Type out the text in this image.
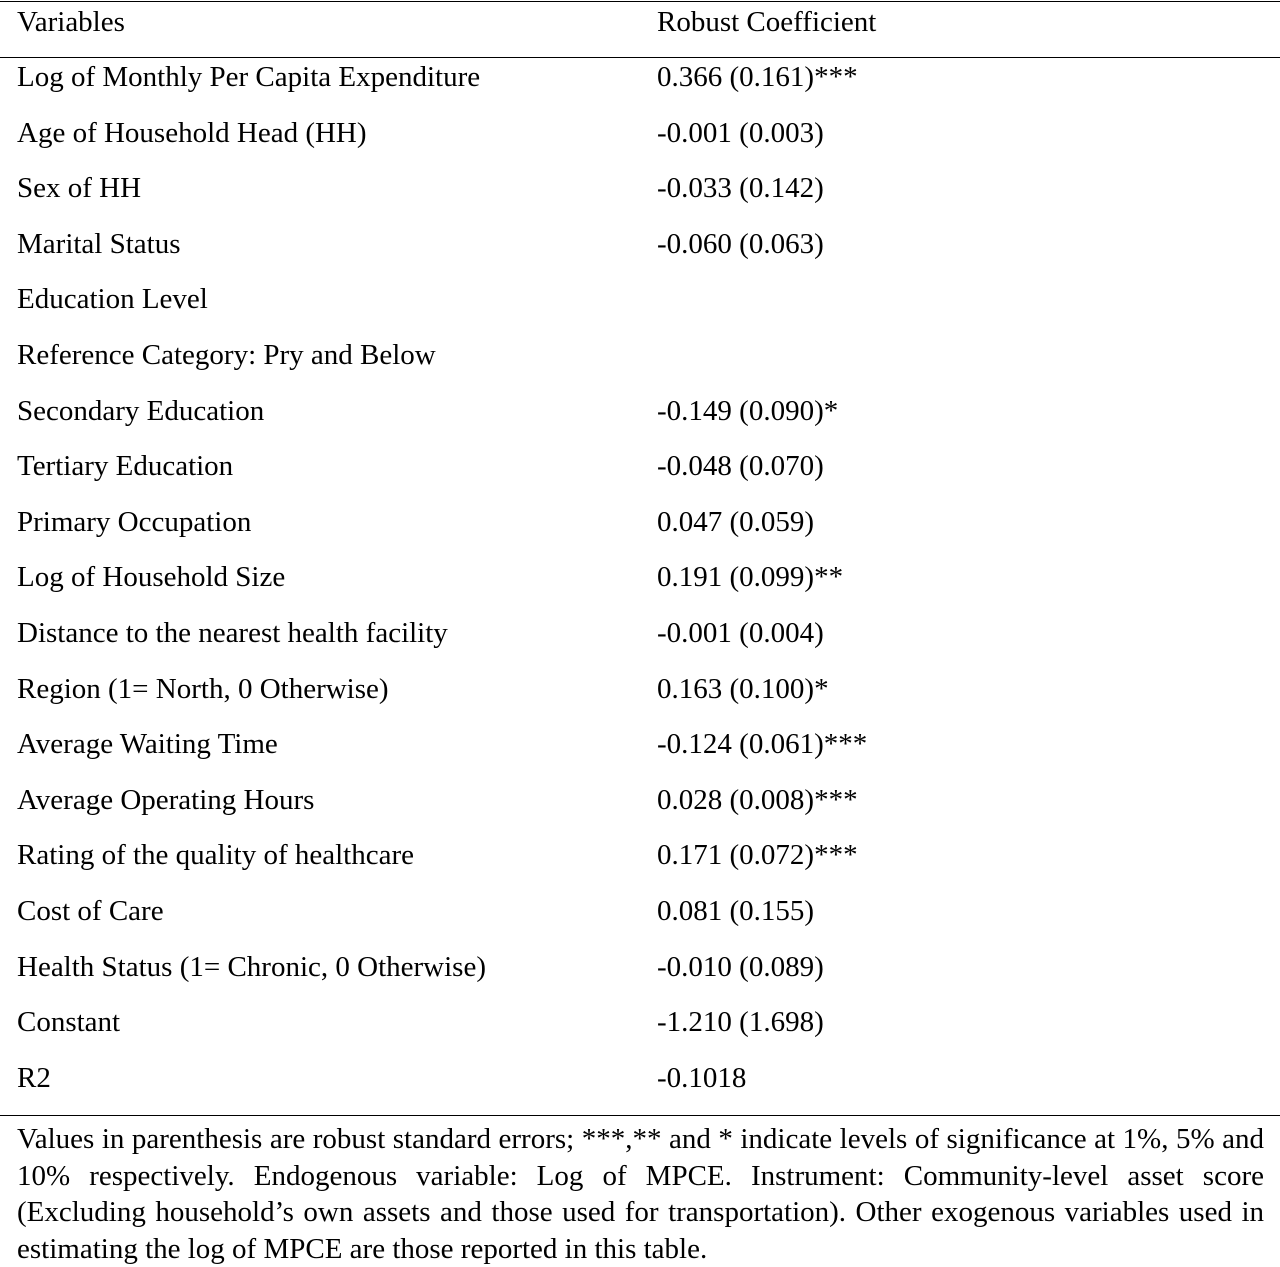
Variables	Robust Coefficient
Log of Monthly Per Capita Expenditure	0.366 (0.161)***
Age of Household Head (HH)	-0.001 (0.003)
Sex of HH	-0.033 (0.142)
Marital Status	-0.060 (0.063)
Education Level
Reference Category: Pry and Below
Secondary Education	-0.149 (0.090)*
Tertiary Education	-0.048 (0.070)
Primary Occupation	0.047 (0.059)
Log of Household Size	0.191 (0.099)**
Distance to the nearest health facility	-0.001 (0.004)
Region (1= North, 0 Otherwise)	0.163 (0.100)*
Average Waiting Time	-0.124 (0.061)***
Average Operating Hours	0.028 (0.008)***
Rating of the quality of healthcare	0.171 (0.072)***
Cost of Care	0.081 (0.155)
Health Status (1= Chronic, 0 Otherwise)	-0.010 (0.089)
Constant	-1.210 (1.698)
R2	-0.1018
Values in parenthesis are robust standard errors; ***,** and * indicate levels of significance at 1%, 5% and 10% respectively. Endogenous variable: Log of MPCE. Instrument: Community-level asset score (Excluding household’s own assets and those used for transportation). Other exogenous variables used in estimating the log of MPCE are those reported in this table.
